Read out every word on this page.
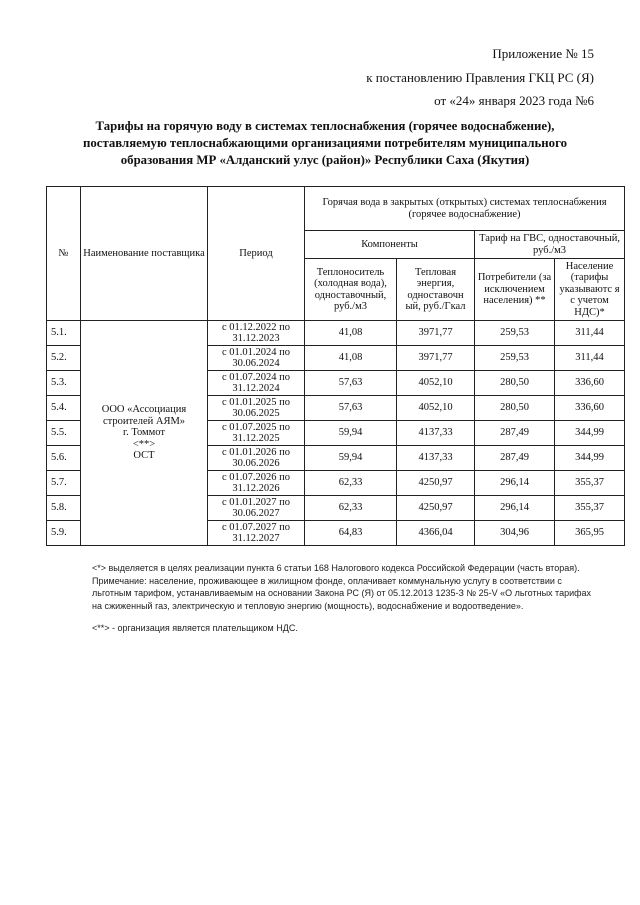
Приложение № 15
к постановлению Правления ГКЦ РС (Я)
от «24» января 2023 года №6
Тарифы на горячую воду в системах теплоснабжения (горячее водоснабжение), поставляемую теплоснабжающими организациями потребителям муниципального образования МР «Алданский улус (район)» Республики Саха (Якутия)
№	Наименование поставщика	Период	Горячая вода в закрытых (открытых) системах теплоснабжения (горячее водоснабжение)			
			Компоненты		Тариф на ГВС, одноставочный, руб./м3	
			Теплоноситель (холодная вода), одноставочный, руб./м3	Тепловая энергия, одноставочн ый, руб./Гкал	Потребители (за исключением населения) **	Население (тарифы указываютс я с учетом НДС)*
5.1.	ООО «Ассоциация строителей АЯМ»
г. Томмот
<**>
ОСТ	с 01.12.2022 по 31.12.2023	41,08	3971,77	259,53	311,44
5.2.		с 01.01.2024 по 30.06.2024	41,08	3971,77	259,53	311,44
5.3.		с 01.07.2024 по 31.12.2024	57,63	4052,10	280,50	336,60
5.4.		с 01.01.2025 по 30.06.2025	57,63	4052,10	280,50	336,60
5.5.		с 01.07.2025 по 31.12.2025	59,94	4137,33	287,49	344,99
5.6.		с 01.01.2026 по 30.06.2026	59,94	4137,33	287,49	344,99
5.7.		с 01.07.2026 по 31.12.2026	62,33	4250,97	296,14	355,37
5.8.		с 01.01.2027 по 30.06.2027	62,33	4250,97	296,14	355,37
5.9.		с 01.07.2027 по 31.12.2027	64,83	4366,04	304,96	365,95

<*> выделяется в целях реализации пункта 6 статьи 168 Налогового кодекса Российской Федерации (часть вторая).

Примечание: население, проживающее в жилищном фонде, оплачивает коммунальную услугу в соответствии с льготным тарифом, устанавливаемым на основании Закона РС (Я) от 05.12.2013 1235-З № 25-V «О льготных тарифах на сжиженный газ, электрическую и тепловую энергию (мощность), водоснабжение и водоотведение».

<**> - организация является плательщиком НДС.
